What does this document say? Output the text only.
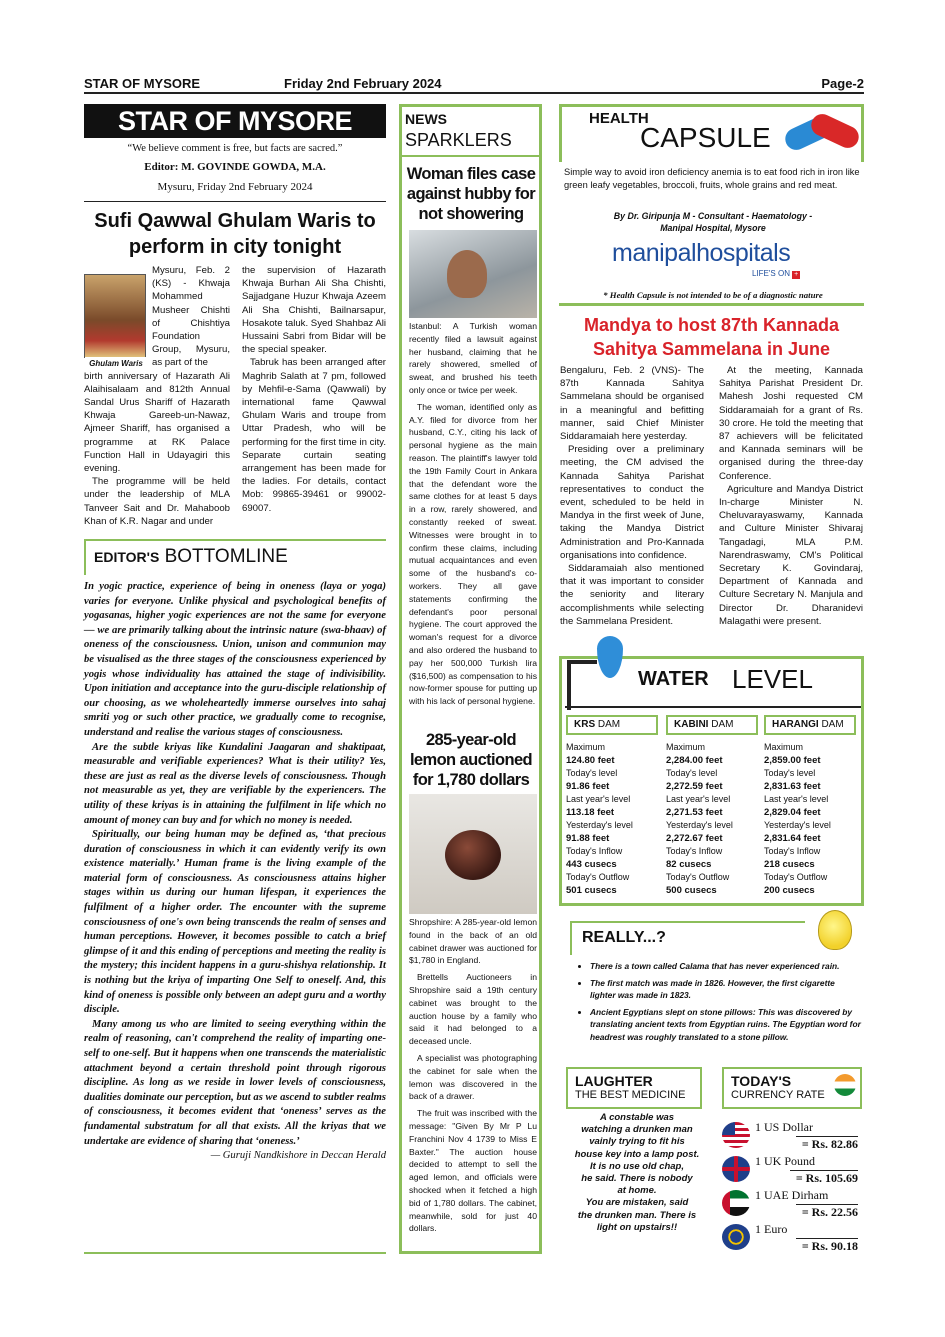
STAR OF MYSORE	Friday 2nd February 2024	Page-2
STAR OF MYSORE
“We believe comment is free, but facts are sacred.”
Editor: M. GOVINDE GOWDA, M.A.
Mysuru, Friday 2nd February 2024
Sufi Qawwal Ghulam Waris to
perform in city tonight
Ghulam Waris

Mysuru, Feb. 2 (KS) - Khwaja Mohammed Musheer Chishti of Chishtiya Foundation Group, Mysuru, as part of the

birth anniversary of Hazarath Ali Alaihisalaam and 812th Annual Sandal Urus Shariff of Hazarath Khwaja Gareeb-un-Nawaz, Ajmeer Shariff, has organised a programme at RK Palace Function Hall in Udayagiri this evening.

The programme will be held under the leadership of MLA Tanveer Sait and Dr. Mahaboob Khan of K.R. Nagar and under

the supervision of Hazarath Khwaja Burhan Ali Sha Chishti, Sajjadgane Huzur Khwaja Azeem Ali Sha Chishti, Bailnarsapur, Hosakote taluk. Syed Shahbaz Ali Hussaini Sabri from Bidar will be the special speaker.

Tabruk has been arranged after Maghrib Salath at 7 pm, followed by Mehfil-e-Sama (Qawwali) by international fame Qawwal Ghulam Waris and troupe from Uttar Pradesh, who will be performing for the first time in city. Separate curtain seating arrangement has been made for the ladies. For details, contact Mob: 99865-39461 or 99002-69007.

EDITOR'S BOTTOMLINE

In yogic practice, experience of being in oneness (laya or yoga) varies for everyone. Unlike physical and psychological benefits of yogasanas, higher yogic experiences are not the same for everyone — we are primarily talking about the intrinsic nature (swa-bhaav) of oneness of the consciousness. Union, unison and communion may be visualised as the three stages of the consciousness experienced by yogis whose individuality has attained the stage of indivisibility. Upon initiation and acceptance into the guru-disciple relationship of our choosing, as we wholeheartedly immerse ourselves into sahaj smriti yog or such other practice, we gradually come to recognise, understand and realise the various stages of consciousness.

Are the subtle kriyas like Kundalini Jaagaran and shaktipaat, measurable and verifiable experiences? What is their utility? Yes, these are just as real as the diverse levels of consciousness. Though not measurable as yet, they are verifiable by the experiencers. The utility of these kriyas is in attaining the fulfilment in life which no amount of money can buy and for which no money is needed.

Spiritually, our being human may be defined as, ‘that precious duration of consciousness in which it can evidently verify its own existence materially.’ Human frame is the living example of the material form of consciousness. As consciousness attains higher stages within us during our human lifespan, it experiences the fulfilment of a higher order. The encounter with the supreme consciousness of one's own being transcends the realm of senses and human perceptions. However, it becomes possible to catch a brief glimpse of it and this ending of perceptions and meeting the reality is the mystery; this incident happens in a guru-shishya relationship. It is nothing but the kriya of imparting One Self to oneself. And, this kind of oneness is possible only between an adept guru and a worthy disciple.

Many among us who are limited to seeing everything within the realm of reasoning, can't comprehend the reality of imparting one-self to one-self. But it happens when one transcends the materialistic attachment beyond a certain threshold point through rigorous discipline. As long as we reside in lower levels of consciousness, dualities dominate our perception, but as we ascend to subtler realms of consciousness, it becomes evident that ‘oneness’ serves as the fundamental substratum for all that exists. All the kriyas that we undertake are evidence of sharing that ‘oneness.’

— Guruji Nandkishore in Deccan Herald

NEWS
SPARKLERS
Woman files case against hubby for not showering

Istanbul: A Turkish woman recently filed a lawsuit against her husband, claiming that he rarely showered, smelled of sweat, and brushed his teeth only once or twice per week.

The woman, identified only as A.Y. filed for divorce from her husband, C.Y., citing his lack of personal hygiene as the main reason. The plaintiff's lawyer told the 19th Family Court in Ankara that the defendant wore the same clothes for at least 5 days in a row, rarely showered, and constantly reeked of sweat. Witnesses were brought in to confirm these claims, including mutual acquaintances and even some of the husband's co-workers. They all gave statements confirming the defendant's poor personal hygiene. The court approved the woman's request for a divorce and also ordered the husband to pay her 500,000 Turkish lira ($16,500) as compensation to his now-former spouse for putting up with his lack of personal hygiene.

285-year-old lemon auctioned for 1,780 dollars

Shropshire: A 285-year-old lemon found in the back of an old cabinet drawer was auctioned for $1,780 in England.

Brettells Auctioneers in Shropshire said a 19th century cabinet was brought to the auction house by a family who said it had belonged to a deceased uncle.

A specialist was photographing the cabinet for sale when the lemon was discovered in the back of a drawer.

The fruit was inscribed with the message: "Given By Mr P Lu Franchini Nov 4 1739 to Miss E Baxter." The auction house decided to attempt to sell the aged lemon, and officials were shocked when it fetched a high bid of 1,780 dollars. The cabinet, meanwhile, sold for just 40 dollars.

HEALTH
CAPSULE
Simple way to avoid iron deficiency anemia is to eat food rich in iron like green leafy vegetables, broccoli, fruits, whole grains and red meat.
By Dr. Giripunja M - Consultant - Haematology - Manipal Hospital, Mysore
manipalhospitals
LIFE'S ON +
* Health Capsule is not intended to be of a diagnostic nature
Mandya to host 87th Kannada
Sahitya Sammelana in June

Bengaluru, Feb. 2 (VNS)- The 87th Kannada Sahitya Sammelana should be organised in a meaningful and befitting manner, said Chief Minister Siddaramaiah here yesterday.

Presiding over a preliminary meeting, the CM advised the Kannada Sahitya Parishat representatives to conduct the event, scheduled to be held in Mandya in the first week of June, taking the Mandya District Administration and Pro-Kannada organisations into confidence.

Siddaramaiah also mentioned that it was important to consider the seniority and literary accomplishments while selecting the Sammelana President.

At the meeting, Kannada Sahitya Parishat President Dr. Mahesh Joshi requested CM Siddaramaiah for a grant of Rs. 30 crore. He told the meeting that 87 achievers will be felicitated and Kannada seminars will be organised during the three-day Conference.

Agriculture and Mandya District In-charge Minister N. Cheluvarayaswamy, Kannada and Culture Minister Shivaraj Tangadagi, MLA P.M. Narendraswamy, CM's Political Secretary K. Govindaraj, Department of Kannada and Culture Secretary N. Manjula and Director Dr. Dharanidevi Malagathi were present.

WATER LEVEL
KRS DAM
Maximum
124.80 feet
Today's level
91.86 feet
Last year's level
113.18 feet
Yesterday's level
91.88 feet
Today's Inflow
443 cusecs
Today's Outflow
501 cusecs
KABINI DAM
Maximum
2,284.00 feet
Today's level
2,272.59 feet
Last year's level
2,271.53 feet
Yesterday's level
2,272.67 feet
Today's Inflow
82 cusecs
Today's Outflow
500 cusecs
HARANGI DAM
Maximum
2,859.00 feet
Today's level
2,831.63 feet
Last year's level
2,829.04 feet
Yesterday's level
2,831.64 feet
Today's Inflow
218 cusecs
Today's Outflow
200 cusecs
REALLY...?
• There is a town called Calama that has never experienced rain.
• The first match was made in 1826. However, the first cigarette lighter was made in 1823.
• Ancient Egyptians slept on stone pillows: This was discovered by translating ancient texts from Egyptian ruins. The Egyptian word for headrest was roughly translated to a stone pillow.
LAUGHTER
THE BEST MEDICINE
A constable was
watching a drunken man
vainly trying to fit his
house key into a lamp post.
It is no use old chap,
he said. There is nobody
at home.
You are mistaken, said
the drunken man. There is
light on upstairs!!
TODAY'S
CURRENCY RATE
1 US Dollar
= Rs. 82.86
1 UK Pound
= Rs. 105.69
1 UAE Dirham
= Rs. 22.56
1 Euro
= Rs. 90.18
